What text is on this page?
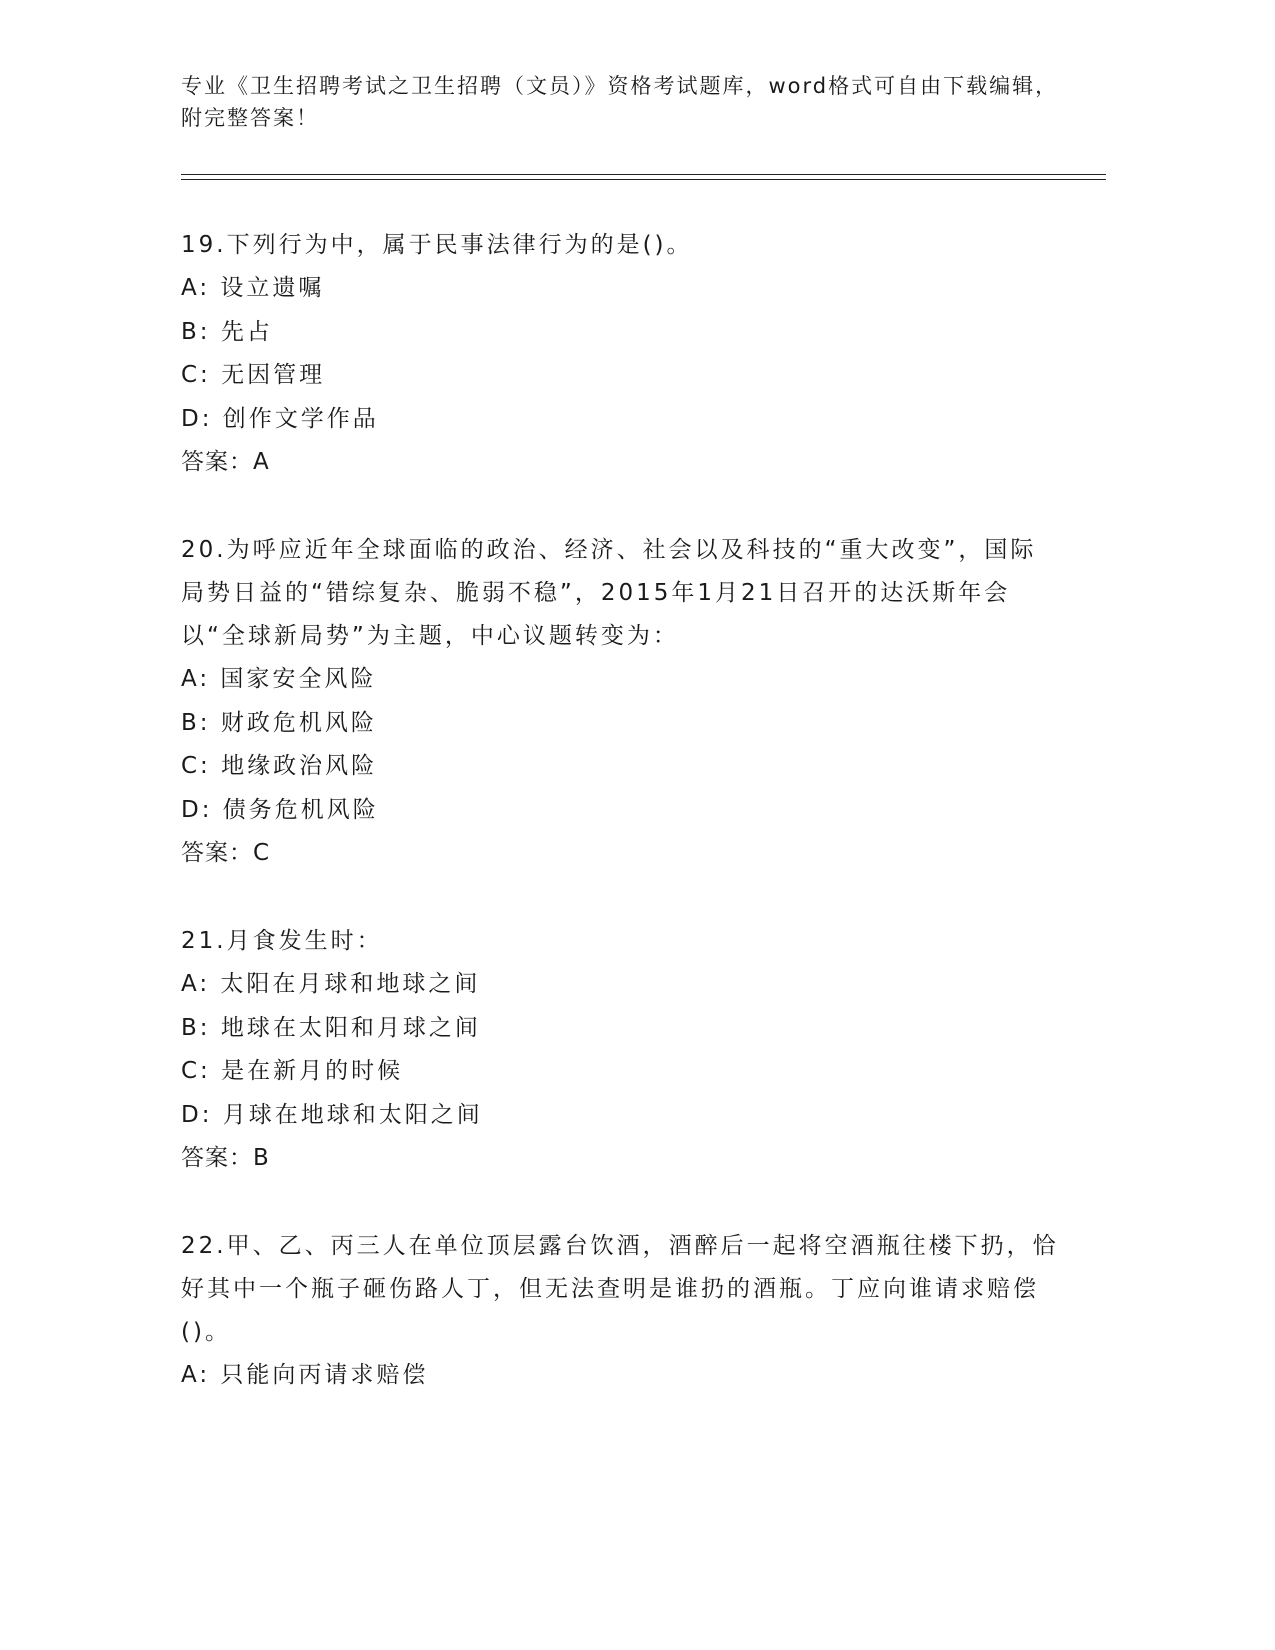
专业《卫生招聘考试之卫生招聘（文员）》资格考试题库，word格式可自由下载编辑，附完整答案！
19.下列行为中，属于民事法律行为的是()。
A: 设立遗嘱
B: 先占
C: 无因管理
D: 创作文学作品
答案：A
20.为呼应近年全球面临的政治、经济、社会以及科技的“重大改变”，国际局势日益的“错综复杂、脆弱不稳”，2015年1月21日召开的达沃斯年会以“全球新局势”为主题，中心议题转变为：
A: 国家安全风险
B: 财政危机风险
C: 地缘政治风险
D: 债务危机风险
答案：C
21.月食发生时：
A: 太阳在月球和地球之间
B: 地球在太阳和月球之间
C: 是在新月的时候
D: 月球在地球和太阳之间
答案：B
22.甲、乙、丙三人在单位顶层露台饮酒，酒醉后一起将空酒瓶往楼下扔，恰好其中一个瓶子砸伤路人丁，但无法查明是谁扔的酒瓶。丁应向谁请求赔偿()。
A: 只能向丙请求赔偿
